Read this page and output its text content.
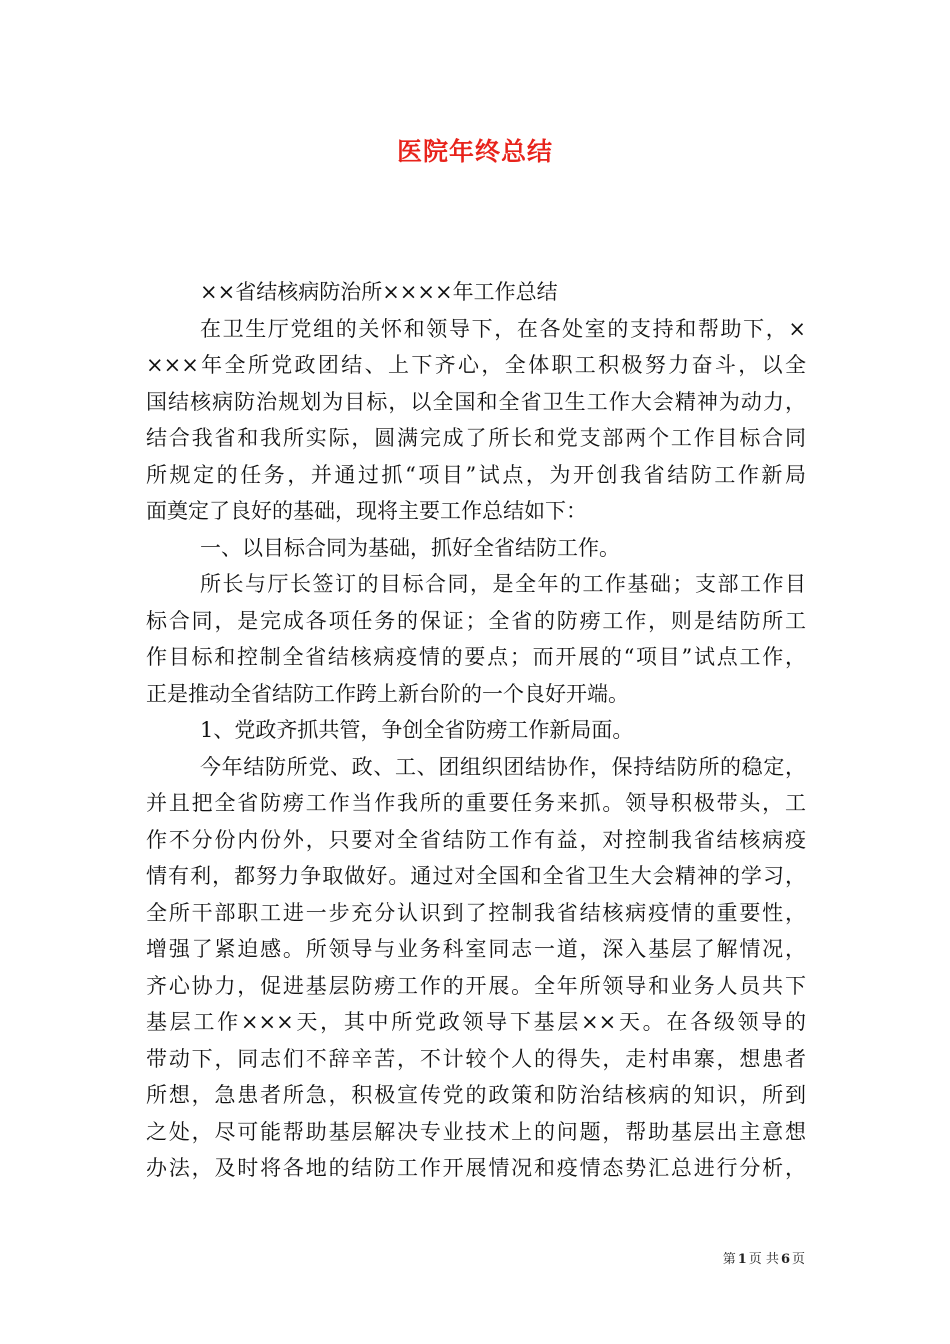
医院年终总结
××省结核病防治所××××年工作总结
在卫生厅党组的关怀和领导下，在各处室的支持和帮助下，×
×××年全所党政团结、上下齐心，全体职工积极努力奋斗，以全
国结核病防治规划为目标，以全国和全省卫生工作大会精神为动力，
结合我省和我所实际，圆满完成了所长和党支部两个工作目标合同
所规定的任务，并通过抓“项目”试点，为开创我省结防工作新局
面奠定了良好的基础，现将主要工作总结如下：
一、以目标合同为基础，抓好全省结防工作。
所长与厅长签订的目标合同，是全年的工作基础；支部工作目
标合同，是完成各项任务的保证；全省的防痨工作，则是结防所工
作目标和控制全省结核病疫情的要点；而开展的“项目”试点工作，
正是推动全省结防工作跨上新台阶的一个良好开端。
1、党政齐抓共管，争创全省防痨工作新局面。
今年结防所党、政、工、团组织团结协作，保持结防所的稳定，
并且把全省防痨工作当作我所的重要任务来抓。领导积极带头，工
作不分份内份外，只要对全省结防工作有益，对控制我省结核病疫
情有利，都努力争取做好。通过对全国和全省卫生大会精神的学习，
全所干部职工进一步充分认识到了控制我省结核病疫情的重要性，
增强了紧迫感。所领导与业务科室同志一道，深入基层了解情况，
齐心协力，促进基层防痨工作的开展。全年所领导和业务人员共下
基层工作×××天，其中所党政领导下基层××天。在各级领导的
带动下，同志们不辞辛苦，不计较个人的得失，走村串寨，想患者
所想，急患者所急，积极宣传党的政策和防治结核病的知识，所到
之处，尽可能帮助基层解决专业技术上的问题，帮助基层出主意想
办法，及时将各地的结防工作开展情况和疫情态势汇总进行分析，
第 1 页 共 6 页
